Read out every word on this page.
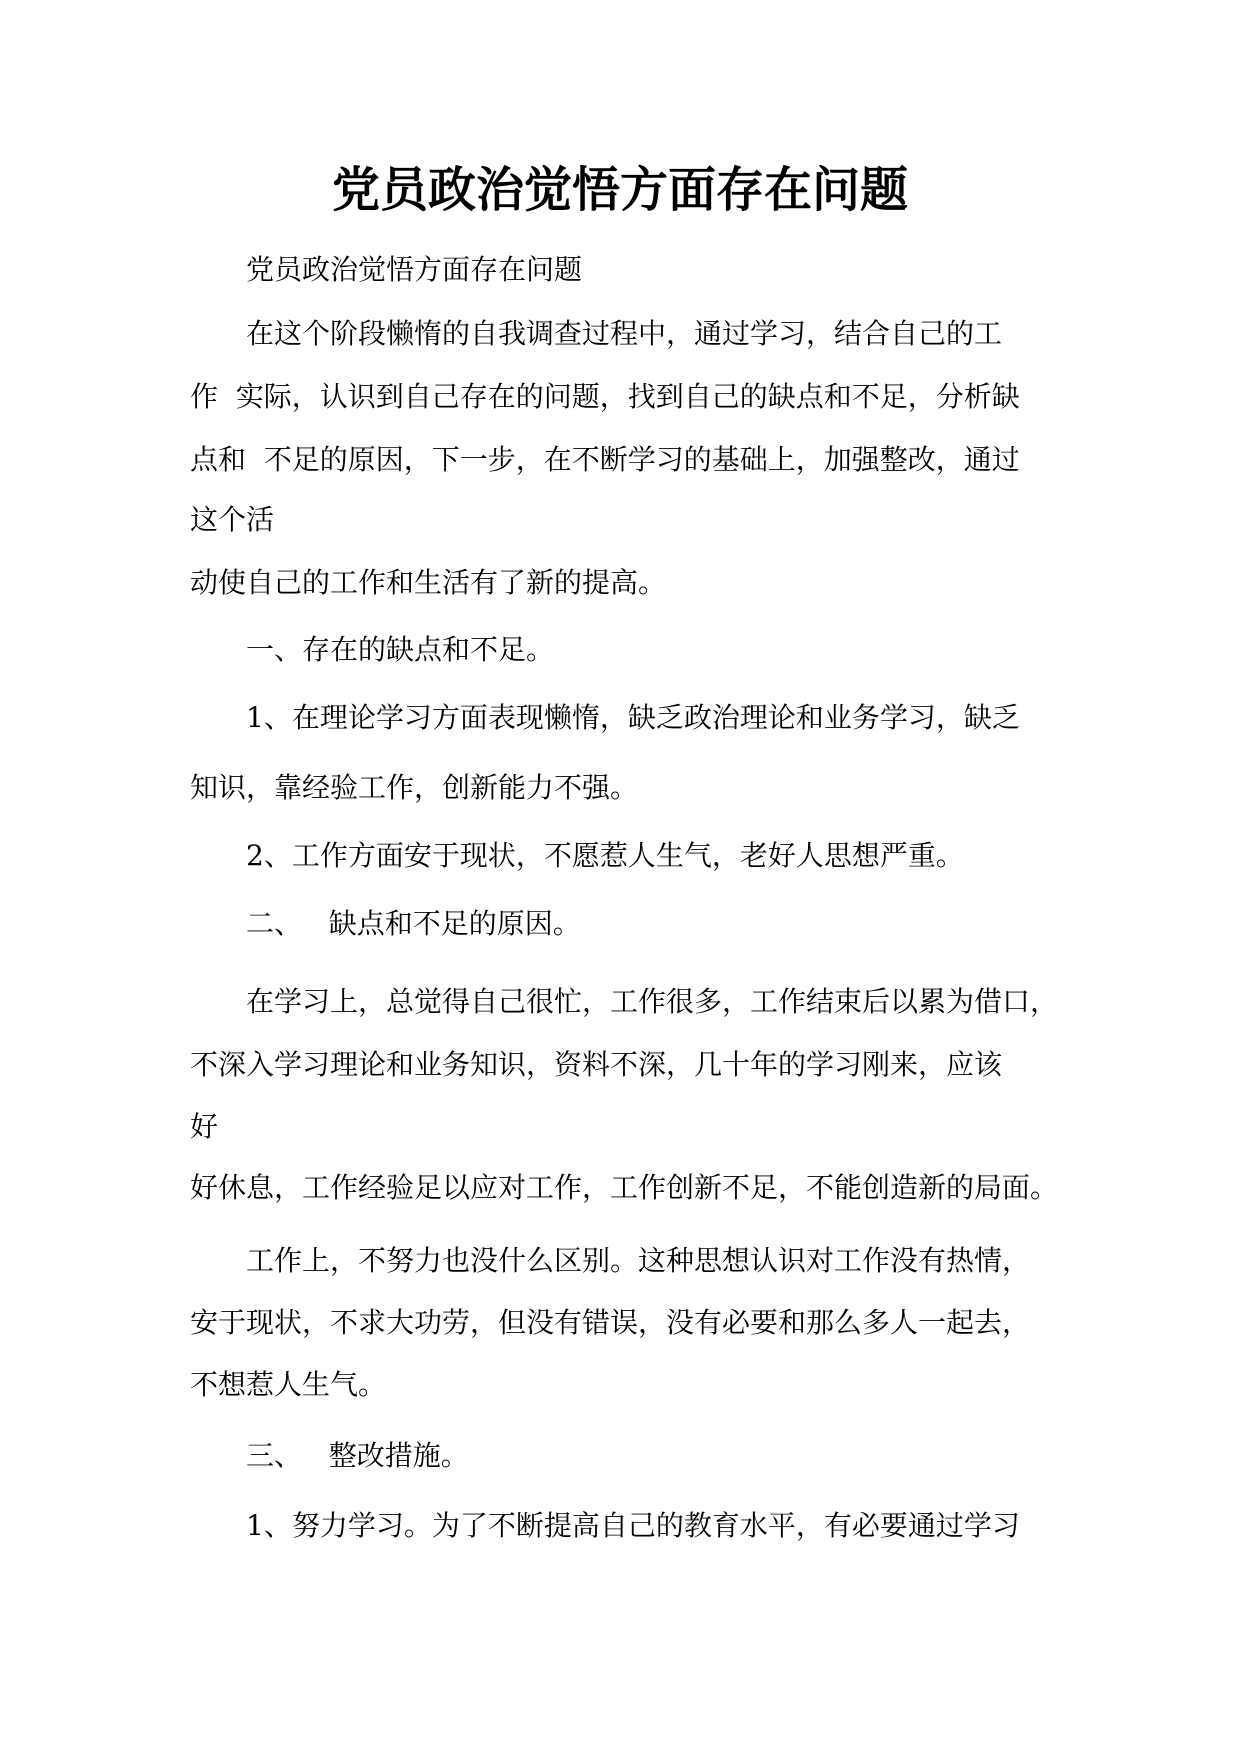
党员政治觉悟方面存在问题
党员政治觉悟方面存在问题
在这个阶段懒惰的自我调查过程中，通过学习，结合自己的工
作  实际，认识到自己存在的问题，找到自己的缺点和不足，分析缺
点和  不足的原因，下一步，在不断学习的基础上，加强整改，通过
这个活
动使自己的工作和生活有了新的提高。
一、存在的缺点和不足。
1、在理论学习方面表现懒惰，缺乏政治理论和业务学习，缺乏
知识，靠经验工作，创新能力不强。
2、工作方面安于现状，不愿惹人生气，老好人思想严重。
二、   缺点和不足的原因。
在学习上，总觉得自己很忙，工作很多，工作结束后以累为借口，
不深入学习理论和业务知识，资料不深，几十年的学习刚来，应该
好
好休息，工作经验足以应对工作，工作创新不足，不能创造新的局面。
工作上，不努力也没什么区别。这种思想认识对工作没有热情，
安于现状，不求大功劳，但没有错误，没有必要和那么多人一起去，
不想惹人生气。
三、   整改措施。
1、努力学习。为了不断提高自己的教育水平，有必要通过学习
